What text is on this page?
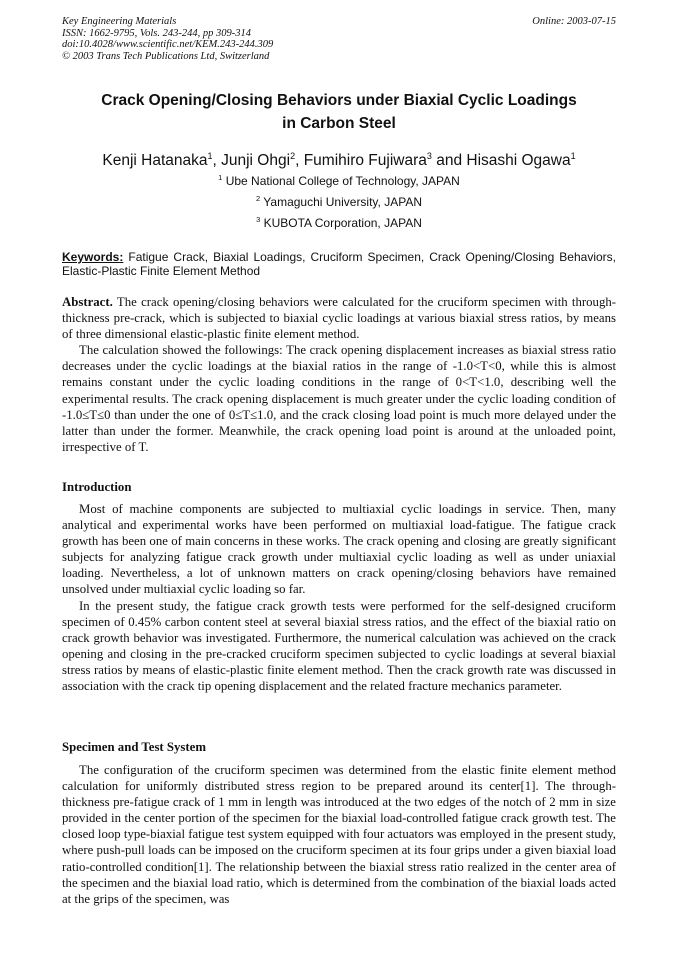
Key Engineering Materials	Online: 2003-07-15
ISSN: 1662-9795, Vols. 243-244, pp 309-314
doi:10.4028/www.scientific.net/KEM.243-244.309
© 2003 Trans Tech Publications Ltd, Switzerland
Crack Opening/Closing Behaviors under Biaxial Cyclic Loadings
in Carbon Steel
Kenji Hatanaka$^1$, Junji Ohgi$^2$, Fumihiro Fujiwara$^3$ and Hisashi Ogawa$^1$
$^1$ Ube National College of Technology, JAPAN
$^2$ Yamaguchi University, JAPAN
$^3$ KUBOTA Corporation, JAPAN
Keywords: Fatigue Crack, Biaxial Loadings, Cruciform Specimen, Crack Opening/Closing Behaviors, Elastic-Plastic Finite Element Method

Abstract. The crack opening/closing behaviors were calculated for the cruciform specimen with through-thickness pre-crack, which is subjected to biaxial cyclic loadings at various biaxial stress ratios, by means of three dimensional elastic-plastic finite element method.

The calculation showed the followings: The crack opening displacement increases as biaxial stress ratio decreases under the cyclic loadings at the biaxial ratios in the range of -1.0<T<0, while this is almost remains constant under the cyclic loading conditions in the range of 0<T<1.0, describing well the experimental results. The crack opening displacement is much greater under the cyclic loading condition of -1.0≤T≤0 than under the one of 0≤T≤1.0, and the crack closing load point is much more delayed under the latter than under the former. Meanwhile, the crack opening load point is around at the unloaded point, irrespective of T.

Introduction

Most of machine components are subjected to multiaxial cyclic loadings in service. Then, many analytical and experimental works have been performed on multiaxial load-fatigue. The fatigue crack growth has been one of main concerns in these works. The crack opening and closing are greatly significant subjects for analyzing fatigue crack growth under multiaxial cyclic loading as well as under uniaxial loading. Nevertheless, a lot of unknown matters on crack opening/closing behaviors have remained unsolved under multiaxial cyclic loading so far.

In the present study, the fatigue crack growth tests were performed for the self-designed cruciform specimen of 0.45% carbon content steel at several biaxial stress ratios, and the effect of the biaxial ratio on crack growth behavior was investigated. Furthermore, the numerical calculation was achieved on the crack opening and closing in the pre-cracked cruciform specimen subjected to cyclic loadings at several biaxial stress ratios by means of elastic-plastic finite element method. Then the crack growth rate was discussed in association with the crack tip opening displacement and the related fracture mechanics parameter.

Specimen and Test System

The configuration of the cruciform specimen was determined from the elastic finite element method calculation for uniformly distributed stress region to be prepared around its center[1]. The through-thickness pre-fatigue crack of 1 mm in length was introduced at the two edges of the notch of 2 mm in size provided in the center portion of the specimen for the biaxial load-controlled fatigue crack growth test. The closed loop type-biaxial fatigue test system equipped with four actuators was employed in the present study, where push-pull loads can be imposed on the cruciform specimen at its four grips under a given biaxial load ratio-controlled condition[1]. The relationship between the biaxial stress ratio realized in the center area of the specimen and the biaxial load ratio, which is determined from the combination of the biaxial loads acted at the grips of the specimen, was
